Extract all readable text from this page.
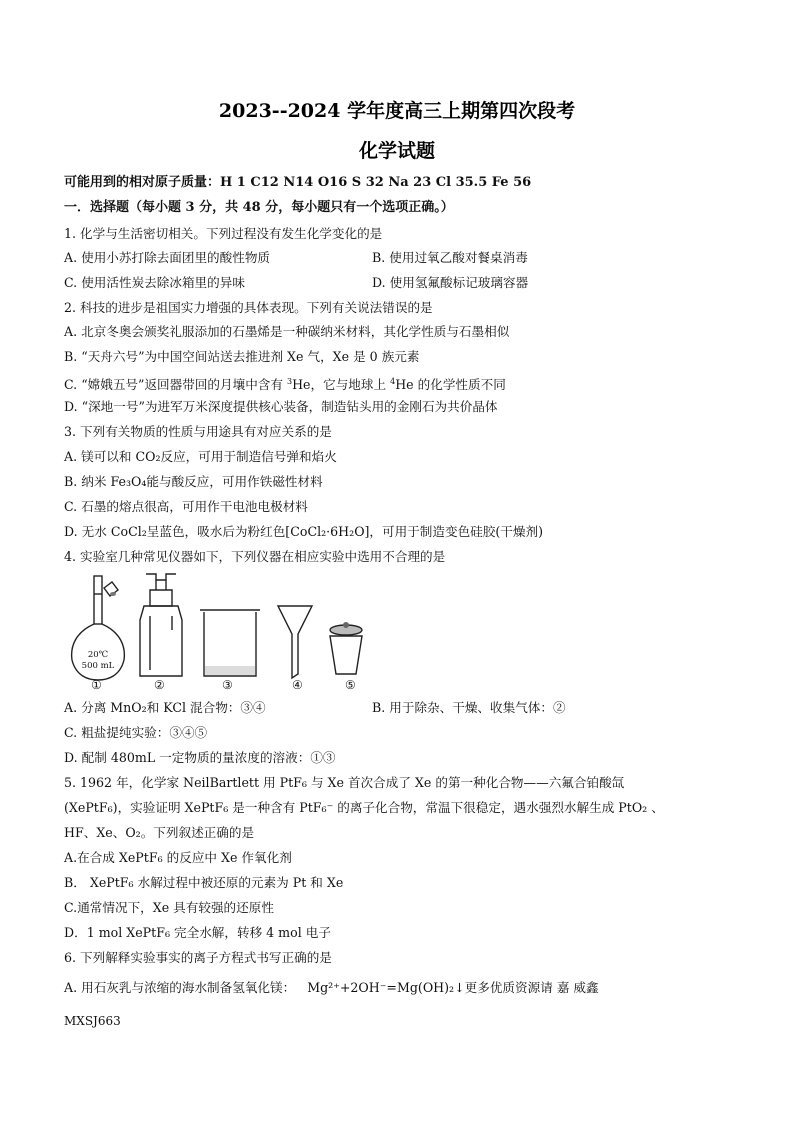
2023--2024 学年度高三上期第四次段考
化学试题
可能用到的相对原子质量：H 1 C12 N14 O16 S 32 Na 23 Cl 35.5 Fe 56
一．选择题（每小题 3 分，共 48 分，每小题只有一个选项正确。）
1. 化学与生活密切相关。下列过程没有发生化学变化的是
A. 使用小苏打除去面团里的酸性物质	B. 使用过氧乙酸对餐桌消毒
C. 使用活性炭去除冰箱里的异味	D. 使用氢氟酸标记玻璃容器
2. 科技的进步是祖国实力增强的具体表现。下列有关说法错误的是
A. 北京冬奥会颁奖礼服添加的石墨烯是一种碳纳米材料，其化学性质与石墨相似
B. “天舟六号”为中国空间站送去推进剂 Xe 气，Xe 是 0 族元素
C. “嫦娥五号”返回器带回的月壤中含有 $^3$He，它与地球上 $^4$He 的化学性质不同
D. “深地一号”为进军万米深度提供核心装备，制造钻头用的金刚石为共价晶体
3. 下列有关物质的性质与用途具有对应关系的是
A. 镁可以和 CO₂反应，可用于制造信号弹和焰火
B. 纳米 Fe₃O₄能与酸反应，可用作铁磁性材料
C. 石墨的熔点很高，可用作干电池电极材料
D. 无水 CoCl₂呈蓝色，吸水后为粉红色[CoCl₂·6H₂O]，可用于制造变色硅胶(干燥剂)
4. 实验室几种常见仪器如下，下列仪器在相应实验中选用不合理的是
20℃
500 mL
①	②	③	④	⑤
A. 分离 MnO₂和 KCl 混合物：③④	B. 用于除杂、干燥、收集气体：②
C. 粗盐提纯实验：③④⑤
D. 配制 480mL 一定物质的量浓度的溶液：①③
5. 1962 年，化学家 NeilBartlett 用 PtF₆ 与 Xe 首次合成了 Xe 的第一种化合物——六氟合铂酸氙
(XePtF₆)，实验证明 XePtF₆ 是一种含有 PtF₆⁻ 的离子化合物，常温下很稳定，遇水强烈水解生成 PtO₂ 、
HF、Xe、O₂。下列叙述正确的是
A.在合成 XePtF₆ 的反应中 Xe 作氧化剂
B． XePtF₆ 水解过程中被还原的元素为 Pt 和 Xe
C.通常情况下，Xe 具有较强的还原性
D．1 mol XePtF₆ 完全水解，转移 4 mol 电子
6. 下列解释实验事实的离子方程式书写正确的是
A. 用石灰乳与浓缩的海水制备氢氧化镁： Mg²⁺+2OH⁻=Mg(OH)₂↓更多优质资源请 嘉 威鑫
MXSJ663
